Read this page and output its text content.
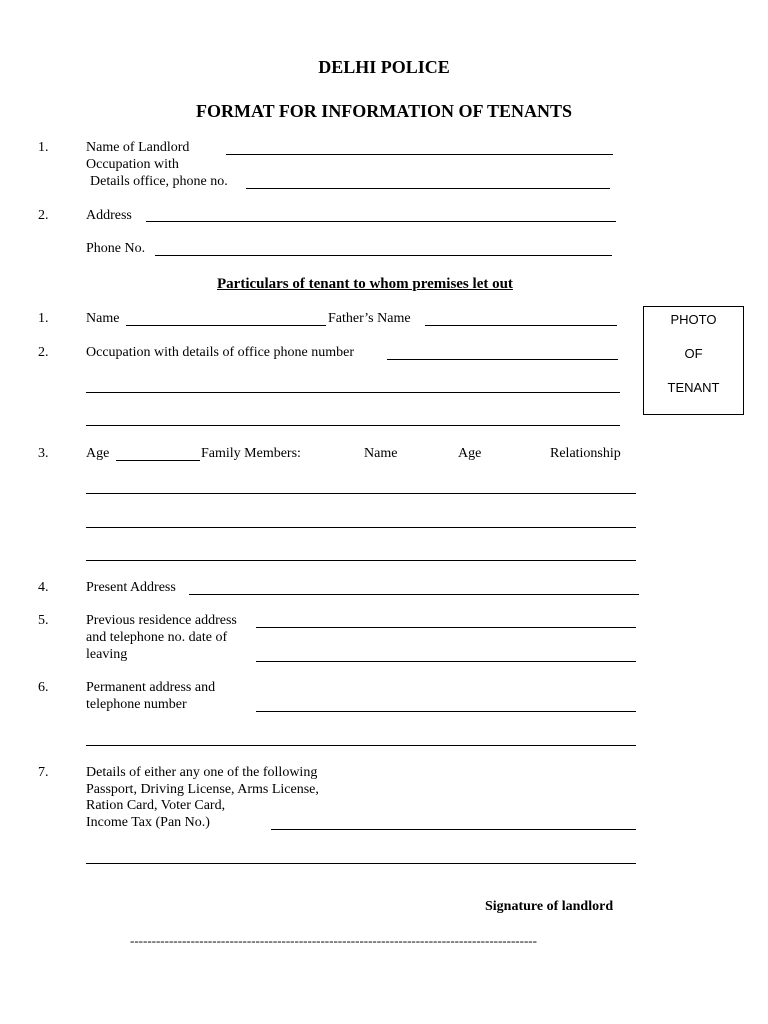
DELHI POLICE
FORMAT FOR INFORMATION OF TENANTS
1.	Name of Landlord
Occupation with
Details office, phone no.
2.	Address
Phone No.
Particulars of tenant to whom premises let out
PHOTO
OF
TENANT
1.	Name	Father’s Name
2.	Occupation with details of office phone number
3.	Age	Family Members:	Name	Age	Relationship
4.	Present Address
5.	Previous residence address
and telephone no. date of
leaving
6.	Permanent address and
telephone number
7.	Details of either any one of the following
Passport, Driving License, Arms License,
Ration Card, Voter Card,
Income Tax (Pan No.)
Signature of landlord
----------------------------------------------------------------------------------------------
